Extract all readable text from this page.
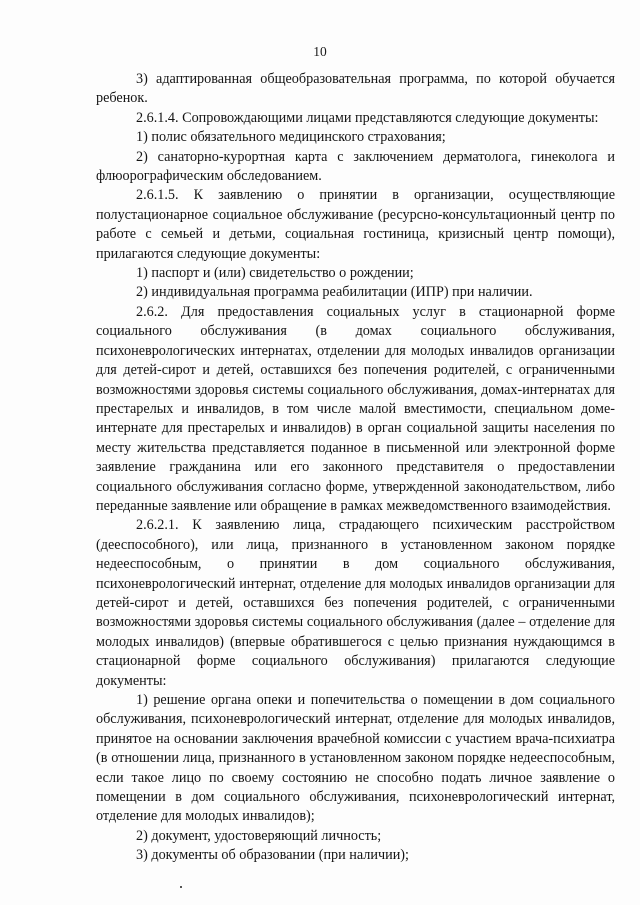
10

3) адаптированная общеобразовательная программа, по которой обучается ребенок.

2.6.1.4. Сопровождающими лицами представляются следующие документы:

1) полис обязательного медицинского страхования;

2) санаторно-курортная карта с заключением дерматолога, гинеколога и флюорографическим обследованием.

2.6.1.5. К заявлению о принятии в организации, осуществляющие полустационарное социальное обслуживание (ресурсно-консультационный центр по работе с семьей и детьми, социальная гостиница, кризисный центр помощи), прилагаются следующие документы:

1) паспорт и (или) свидетельство о рождении;

2) индивидуальная программа реабилитации (ИПР) при наличии.

2.6.2. Для предоставления социальных услуг в стационарной форме социального обслуживания (в домах социального обслуживания, психоневрологических интернатах, отделении для молодых инвалидов организации для детей-сирот и детей, оставшихся без попечения родителей, с ограниченными возможностями здоровья системы социального обслуживания, домах-интернатах для престарелых и инвалидов, в том числе малой вместимости, специальном доме-интернате для престарелых и инвалидов) в орган социальной защиты населения по месту жительства представляется поданное в письменной или электронной форме заявление гражданина или его законного представителя о предоставлении социального обслуживания согласно форме, утвержденной законодательством, либо переданные заявление или обращение в рамках межведомственного взаимодействия.

2.6.2.1. К заявлению лица, страдающего психическим расстройством (дееспособного), или лица, признанного в установленном законом порядке недееспособным, о принятии в дом социального обслуживания, психоневрологический интернат, отделение для молодых инвалидов организации для детей-сирот и детей, оставшихся без попечения родителей, с ограниченными возможностями здоровья системы социального обслуживания (далее – отделение для молодых инвалидов) (впервые обратившегося с целью признания нуждающимся в стационарной форме социального обслуживания) прилагаются следующие документы:

1) решение органа опеки и попечительства о помещении в дом социального обслуживания, психоневрологический интернат, отделение для молодых инвалидов, принятое на основании заключения врачебной комиссии с участием врача-психиатра (в отношении лица, признанного в установленном законом порядке недееспособным, если такое лицо по своему состоянию не способно подать личное заявление о помещении в дом социального обслуживания, психоневрологический интернат, отделение для молодых инвалидов);

2) документ, удостоверяющий личность;

3) документы об образовании (при наличии);
